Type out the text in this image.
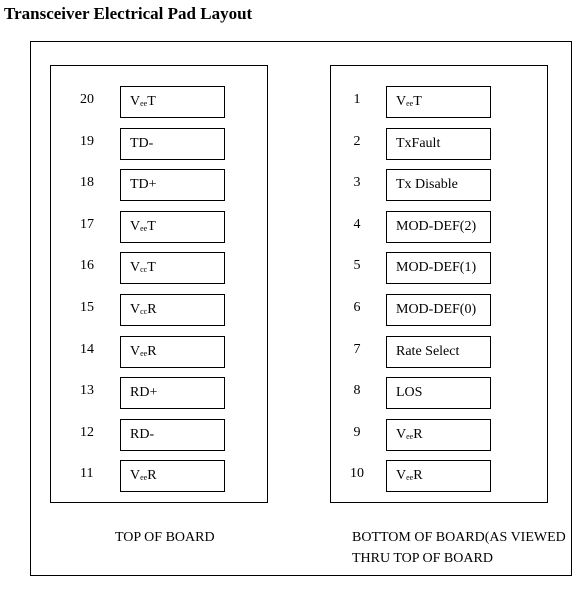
Transceiver Electrical Pad Layout
20	$V_{ee}T$
19	TD-
18	TD+
17	$V_{ee}T$
16	$V_{cc}T$
15	$V_{cc}R$
14	$V_{ee}R$
13	RD+
12	RD-
11	$V_{ee}R$
1	$V_{ee}T$
2	TxFault
3	Tx Disable
4	MOD-DEF(2)
5	MOD-DEF(1)
6	MOD-DEF(0)
7	Rate Select
8	LOS
9	$V_{ee}R$
10	$V_{ee}R$
TOP OF BOARD	BOTTOM OF BOARD(AS VIEWED
THRU TOP OF BOARD
